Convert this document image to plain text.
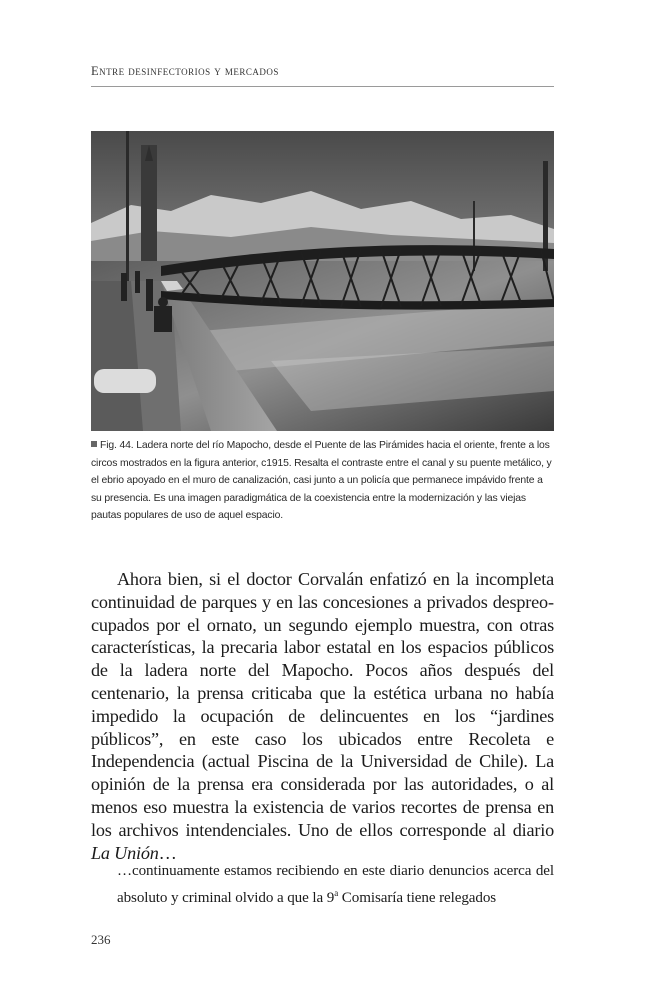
Entre desinfectorios y mercados
Fig. 44. Ladera norte del río Mapocho, desde el Puente de las Pirámides hacia el oriente, frente a los circos mostrados en la figura anterior, c1915. Resalta el contraste entre el canal y su puente metálico, y el ebrio apoyado en el muro de canalización, casi junto a un policía que permanece impávido frente a su presencia. Es una imagen paradigmática de la coexistencia entre la modernización y las viejas pautas populares de uso de aquel espacio.

Ahora bien, si el doctor Corvalán enfatizó en la incompleta continuidad de parques y en las concesiones a privados despreocupados por el ornato, un segundo ejemplo muestra, con otras características, la precaria labor estatal en los espacios públicos de la ladera norte del Mapocho. Pocos años después del centenario, la prensa criticaba que la estética urbana no había impedido la ocupación de delincuentes en los “jardines públicos”, en este caso los ubicados entre Recoleta e Independencia (actual Piscina de la Universidad de Chile). La opinión de la prensa era considerada por las autoridades, o al menos eso muestra la existencia de varios recortes de prensa en los archivos intendenciales. Uno de ellos corresponde al diario La Unión…

…continuamente estamos recibiendo en este diario denuncios acerca del absoluto y criminal olvido a que la 9$^a$ Comisaría tiene relegados

236
